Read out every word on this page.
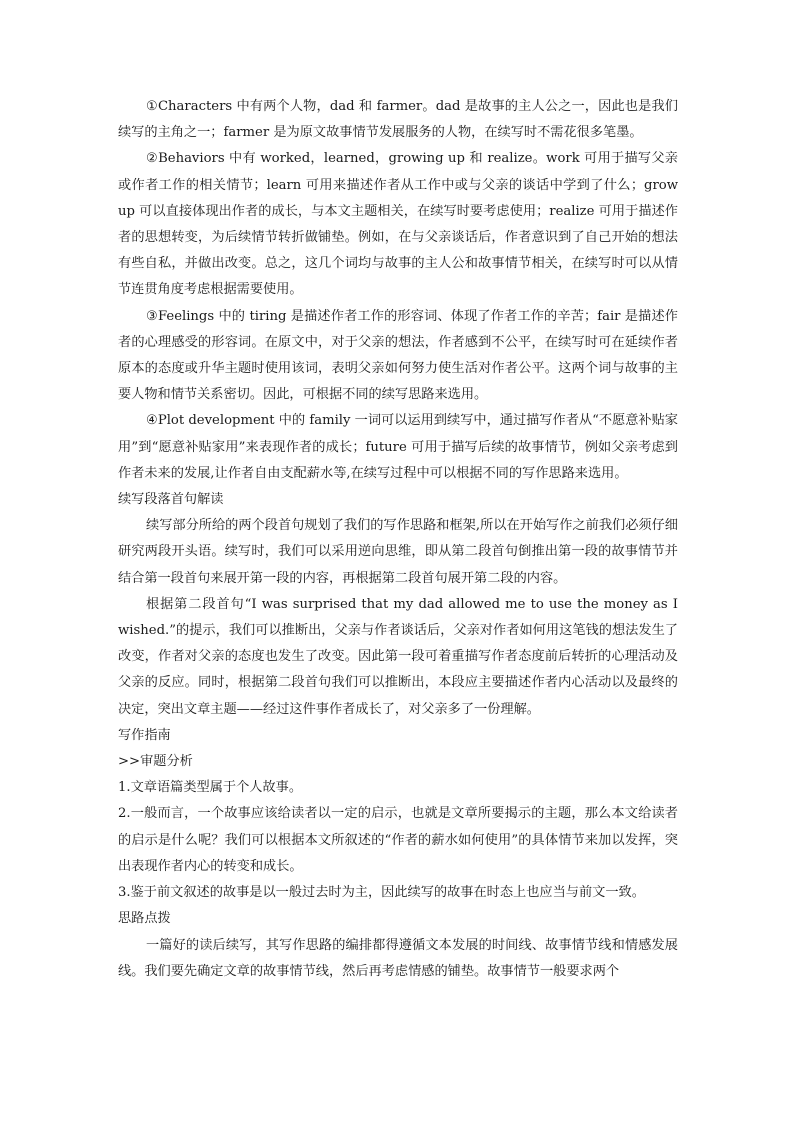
①Characters 中有两个人物，dad 和 farmer。dad 是故事的主人公之一，因此也是我们续写的主角之一；farmer 是为原文故事情节发展服务的人物，在续写时不需花很多笔墨。

②Behaviors 中有 worked，learned，growing up 和 realize。work 可用于描写父亲或作者工作的相关情节；learn 可用来描述作者从工作中或与父亲的谈话中学到了什么；grow up 可以直接体现出作者的成长，与本文主题相关，在续写时要考虑使用；realize 可用于描述作者的思想转变，为后续情节转折做铺垫。例如，在与父亲谈话后，作者意识到了自己开始的想法有些自私，并做出改变。总之，这几个词均与故事的主人公和故事情节相关，在续写时可以从情节连贯角度考虑根据需要使用。

③Feelings 中的 tiring 是描述作者工作的形容词、体现了作者工作的辛苦；fair 是描述作者的心理感受的形容词。在原文中，对于父亲的想法，作者感到不公平，在续写时可在延续作者原本的态度或升华主题时使用该词，表明父亲如何努力使生活对作者公平。这两个词与故事的主要人物和情节关系密切。因此，可根据不同的续写思路来选用。

④Plot development 中的 family 一词可以运用到续写中，通过描写作者从“不愿意补贴家用”到“愿意补贴家用”来表现作者的成长；future 可用于描写后续的故事情节，例如父亲考虑到作者未来的发展,让作者自由支配薪水等,在续写过程中可以根据不同的写作思路来选用。

续写段落首句解读

续写部分所给的两个段首句规划了我们的写作思路和框架,所以在开始写作之前我们必须仔细研究两段开头语。续写时，我们可以采用逆向思维，即从第二段首句倒推出第一段的故事情节并结合第一段首句来展开第一段的内容，再根据第二段首句展开第二段的内容。

根据第二段首句“I was surprised that my dad allowed me to use the money as I wished.”的提示，我们可以推断出，父亲与作者谈话后，父亲对作者如何用这笔钱的想法发生了改变，作者对父亲的态度也发生了改变。因此第一段可着重描写作者态度前后转折的心理活动及父亲的反应。同时，根据第二段首句我们可以推断出，本段应主要描述作者内心活动以及最终的决定，突出文章主题——经过这件事作者成长了，对父亲多了一份理解。

写作指南

>>审题分析

1.文章语篇类型属于个人故事。

2.一般而言，一个故事应该给读者以一定的启示，也就是文章所要揭示的主题，那么本文给读者的启示是什么呢？我们可以根据本文所叙述的“作者的薪水如何使用”的具体情节来加以发挥，突出表现作者内心的转变和成长。

3.鉴于前文叙述的故事是以一般过去时为主，因此续写的故事在时态上也应当与前文一致。

思路点拨

一篇好的读后续写，其写作思路的编排都得遵循文本发展的时间线、故事情节线和情感发展线。我们要先确定文章的故事情节线，然后再考虑情感的铺垫。故事情节一般要求两个
